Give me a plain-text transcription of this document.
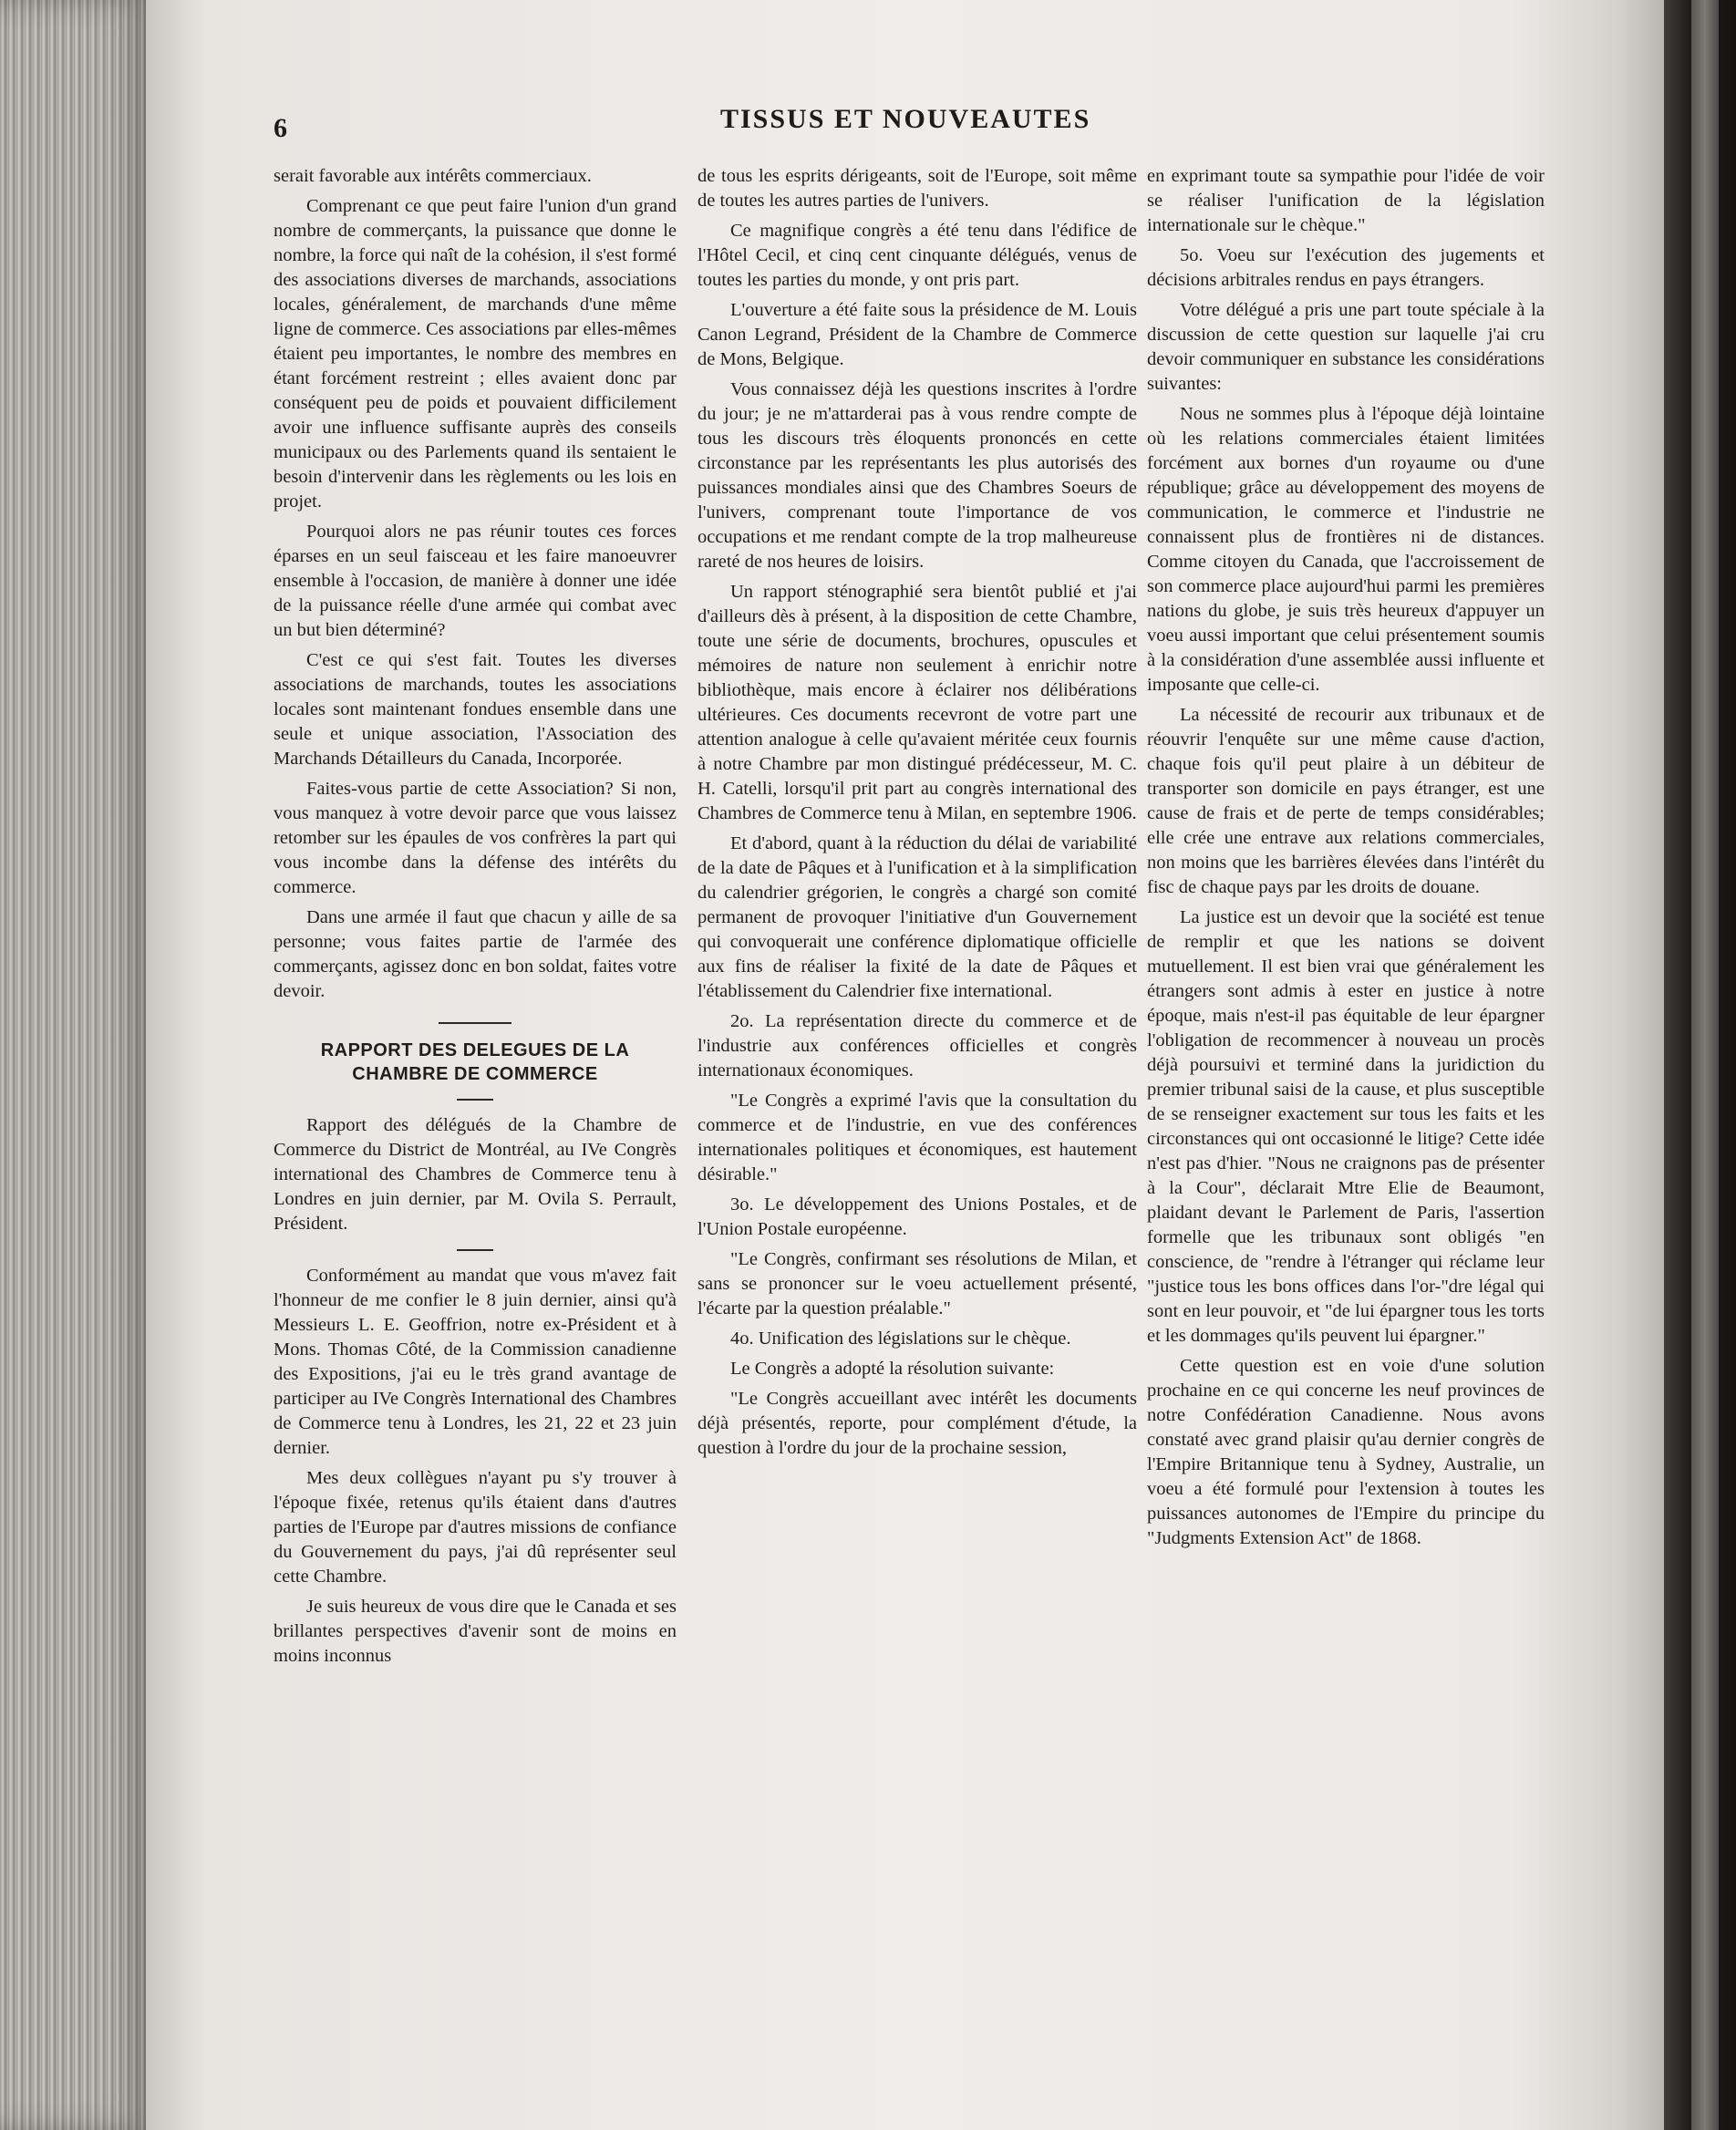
6	TISSUS ET NOUVEAUTES

serait favorable aux intérêts commerciaux.

Comprenant ce que peut faire l'union d'un grand nombre de commerçants, la puissance que donne le nombre, la force qui naît de la cohésion, il s'est formé des associations diverses de marchands, associations locales, généralement, de marchands d'une même ligne de commerce. Ces associations par elles-mêmes étaient peu importantes, le nombre des membres en étant forcément restreint ; elles avaient donc par conséquent peu de poids et pouvaient difficilement avoir une influence suffisante auprès des conseils municipaux ou des Parlements quand ils sentaient le besoin d'intervenir dans les règlements ou les lois en projet.

Pourquoi alors ne pas réunir toutes ces forces éparses en un seul faisceau et les faire manoeuvrer ensemble à l'occasion, de manière à donner une idée de la puissance réelle d'une armée qui combat avec un but bien déterminé?

C'est ce qui s'est fait. Toutes les diverses associations de marchands, toutes les associations locales sont maintenant fondues ensemble dans une seule et unique association, l'Association des Marchands Détailleurs du Canada, Incorporée.

Faites-vous partie de cette Association? Si non, vous manquez à votre devoir parce que vous laissez retomber sur les épaules de vos confrères la part qui vous incombe dans la défense des intérêts du commerce.

Dans une armée il faut que chacun y aille de sa personne; vous faites partie de l'armée des commerçants, agissez donc en bon soldat, faites votre devoir.

RAPPORT DES DELEGUES DE LA
CHAMBRE DE COMMERCE

Rapport des délégués de la Chambre de Commerce du District de Montréal, au IVe Congrès international des Chambres de Commerce tenu à Londres en juin dernier, par M. Ovila S. Perrault, Président.

Conformément au mandat que vous m'avez fait l'honneur de me confier le 8 juin dernier, ainsi qu'à Messieurs L. E. Geoffrion, notre ex-Président et à Mons. Thomas Côté, de la Commission canadienne des Expositions, j'ai eu le très grand avantage de participer au IVe Congrès International des Chambres de Commerce tenu à Londres, les 21, 22 et 23 juin dernier.

Mes deux collègues n'ayant pu s'y trouver à l'époque fixée, retenus qu'ils étaient dans d'autres parties de l'Europe par d'autres missions de confiance du Gouvernement du pays, j'ai dû représenter seul cette Chambre.

Je suis heureux de vous dire que le Canada et ses brillantes perspectives d'avenir sont de moins en moins inconnus

de tous les esprits dérigeants, soit de l'Europe, soit même de toutes les autres parties de l'univers.

Ce magnifique congrès a été tenu dans l'édifice de l'Hôtel Cecil, et cinq cent cinquante délégués, venus de toutes les parties du monde, y ont pris part.

L'ouverture a été faite sous la présidence de M. Louis Canon Legrand, Président de la Chambre de Commerce de Mons, Belgique.

Vous connaissez déjà les questions inscrites à l'ordre du jour; je ne m'attarderai pas à vous rendre compte de tous les discours très éloquents prononcés en cette circonstance par les représentants les plus autorisés des puissances mondiales ainsi que des Chambres Soeurs de l'univers, comprenant toute l'importance de vos occupations et me rendant compte de la trop malheureuse rareté de nos heures de loisirs.

Un rapport sténographié sera bientôt publié et j'ai d'ailleurs dès à présent, à la disposition de cette Chambre, toute une série de documents, brochures, opuscules et mémoires de nature non seulement à enrichir notre bibliothèque, mais encore à éclairer nos délibérations ultérieures. Ces documents recevront de votre part une attention analogue à celle qu'avaient méritée ceux fournis à notre Chambre par mon distingué prédécesseur, M. C. H. Catelli, lorsqu'il prit part au congrès international des Chambres de Commerce tenu à Milan, en septembre 1906.

Et d'abord, quant à la réduction du délai de variabilité de la date de Pâques et à l'unification et à la simplification du calendrier grégorien, le congrès a chargé son comité permanent de provoquer l'initiative d'un Gouvernement qui convoquerait une conférence diplomatique officielle aux fins de réaliser la fixité de la date de Pâques et l'établissement du Calendrier fixe international.

2o. La représentation directe du commerce et de l'industrie aux conférences officielles et congrès internationaux économiques.

"Le Congrès a exprimé l'avis que la consultation du commerce et de l'industrie, en vue des conférences internationales politiques et économiques, est hautement désirable."

3o. Le développement des Unions Postales, et de l'Union Postale européenne.

"Le Congrès, confirmant ses résolutions de Milan, et sans se prononcer sur le voeu actuellement présenté, l'écarte par la question préalable."

4o. Unification des législations sur le chèque.

Le Congrès a adopté la résolution suivante:

"Le Congrès accueillant avec intérêt les documents déjà présentés, reporte, pour complément d'étude, la question à l'ordre du jour de la prochaine session,

en exprimant toute sa sympathie pour l'idée de voir se réaliser l'unification de la législation internationale sur le chèque."

5o. Voeu sur l'exécution des jugements et décisions arbitrales rendus en pays étrangers.

Votre délégué a pris une part toute spéciale à la discussion de cette question sur laquelle j'ai cru devoir communiquer en substance les considérations suivantes:

Nous ne sommes plus à l'époque déjà lointaine où les relations commerciales étaient limitées forcément aux bornes d'un royaume ou d'une république; grâce au développement des moyens de communication, le commerce et l'industrie ne connaissent plus de frontières ni de distances. Comme citoyen du Canada, que l'accroissement de son commerce place aujourd'hui parmi les premières nations du globe, je suis très heureux d'appuyer un voeu aussi important que celui présentement soumis à la considération d'une assemblée aussi influente et imposante que celle-ci.

La nécessité de recourir aux tribunaux et de réouvrir l'enquête sur une même cause d'action, chaque fois qu'il peut plaire à un débiteur de transporter son domicile en pays étranger, est une cause de frais et de perte de temps considérables; elle crée une entrave aux relations commerciales, non moins que les barrières élevées dans l'intérêt du fisc de chaque pays par les droits de douane.

La justice est un devoir que la société est tenue de remplir et que les nations se doivent mutuellement. Il est bien vrai que généralement les étrangers sont admis à ester en justice à notre époque, mais n'est-il pas équitable de leur épargner l'obligation de recommencer à nouveau un procès déjà poursuivi et terminé dans la juridiction du premier tribunal saisi de la cause, et plus susceptible de se renseigner exactement sur tous les faits et les circonstances qui ont occasionné le litige? Cette idée n'est pas d'hier. "Nous ne craignons pas de présenter à la Cour", déclarait Mtre Elie de Beaumont, plaidant devant le Parlement de Paris, l'assertion formelle que les tribunaux sont obligés "en conscience, de "rendre à l'étranger qui réclame leur "justice tous les bons offices dans l'or-"dre légal qui sont en leur pouvoir, et "de lui épargner tous les torts et les dommages qu'ils peuvent lui épargner."

Cette question est en voie d'une solution prochaine en ce qui concerne les neuf provinces de notre Confédération Canadienne. Nous avons constaté avec grand plaisir qu'au dernier congrès de l'Empire Britannique tenu à Sydney, Australie, un voeu a été formulé pour l'extension à toutes les puissances autonomes de l'Empire du principe du "Judgments Extension Act" de 1868.
